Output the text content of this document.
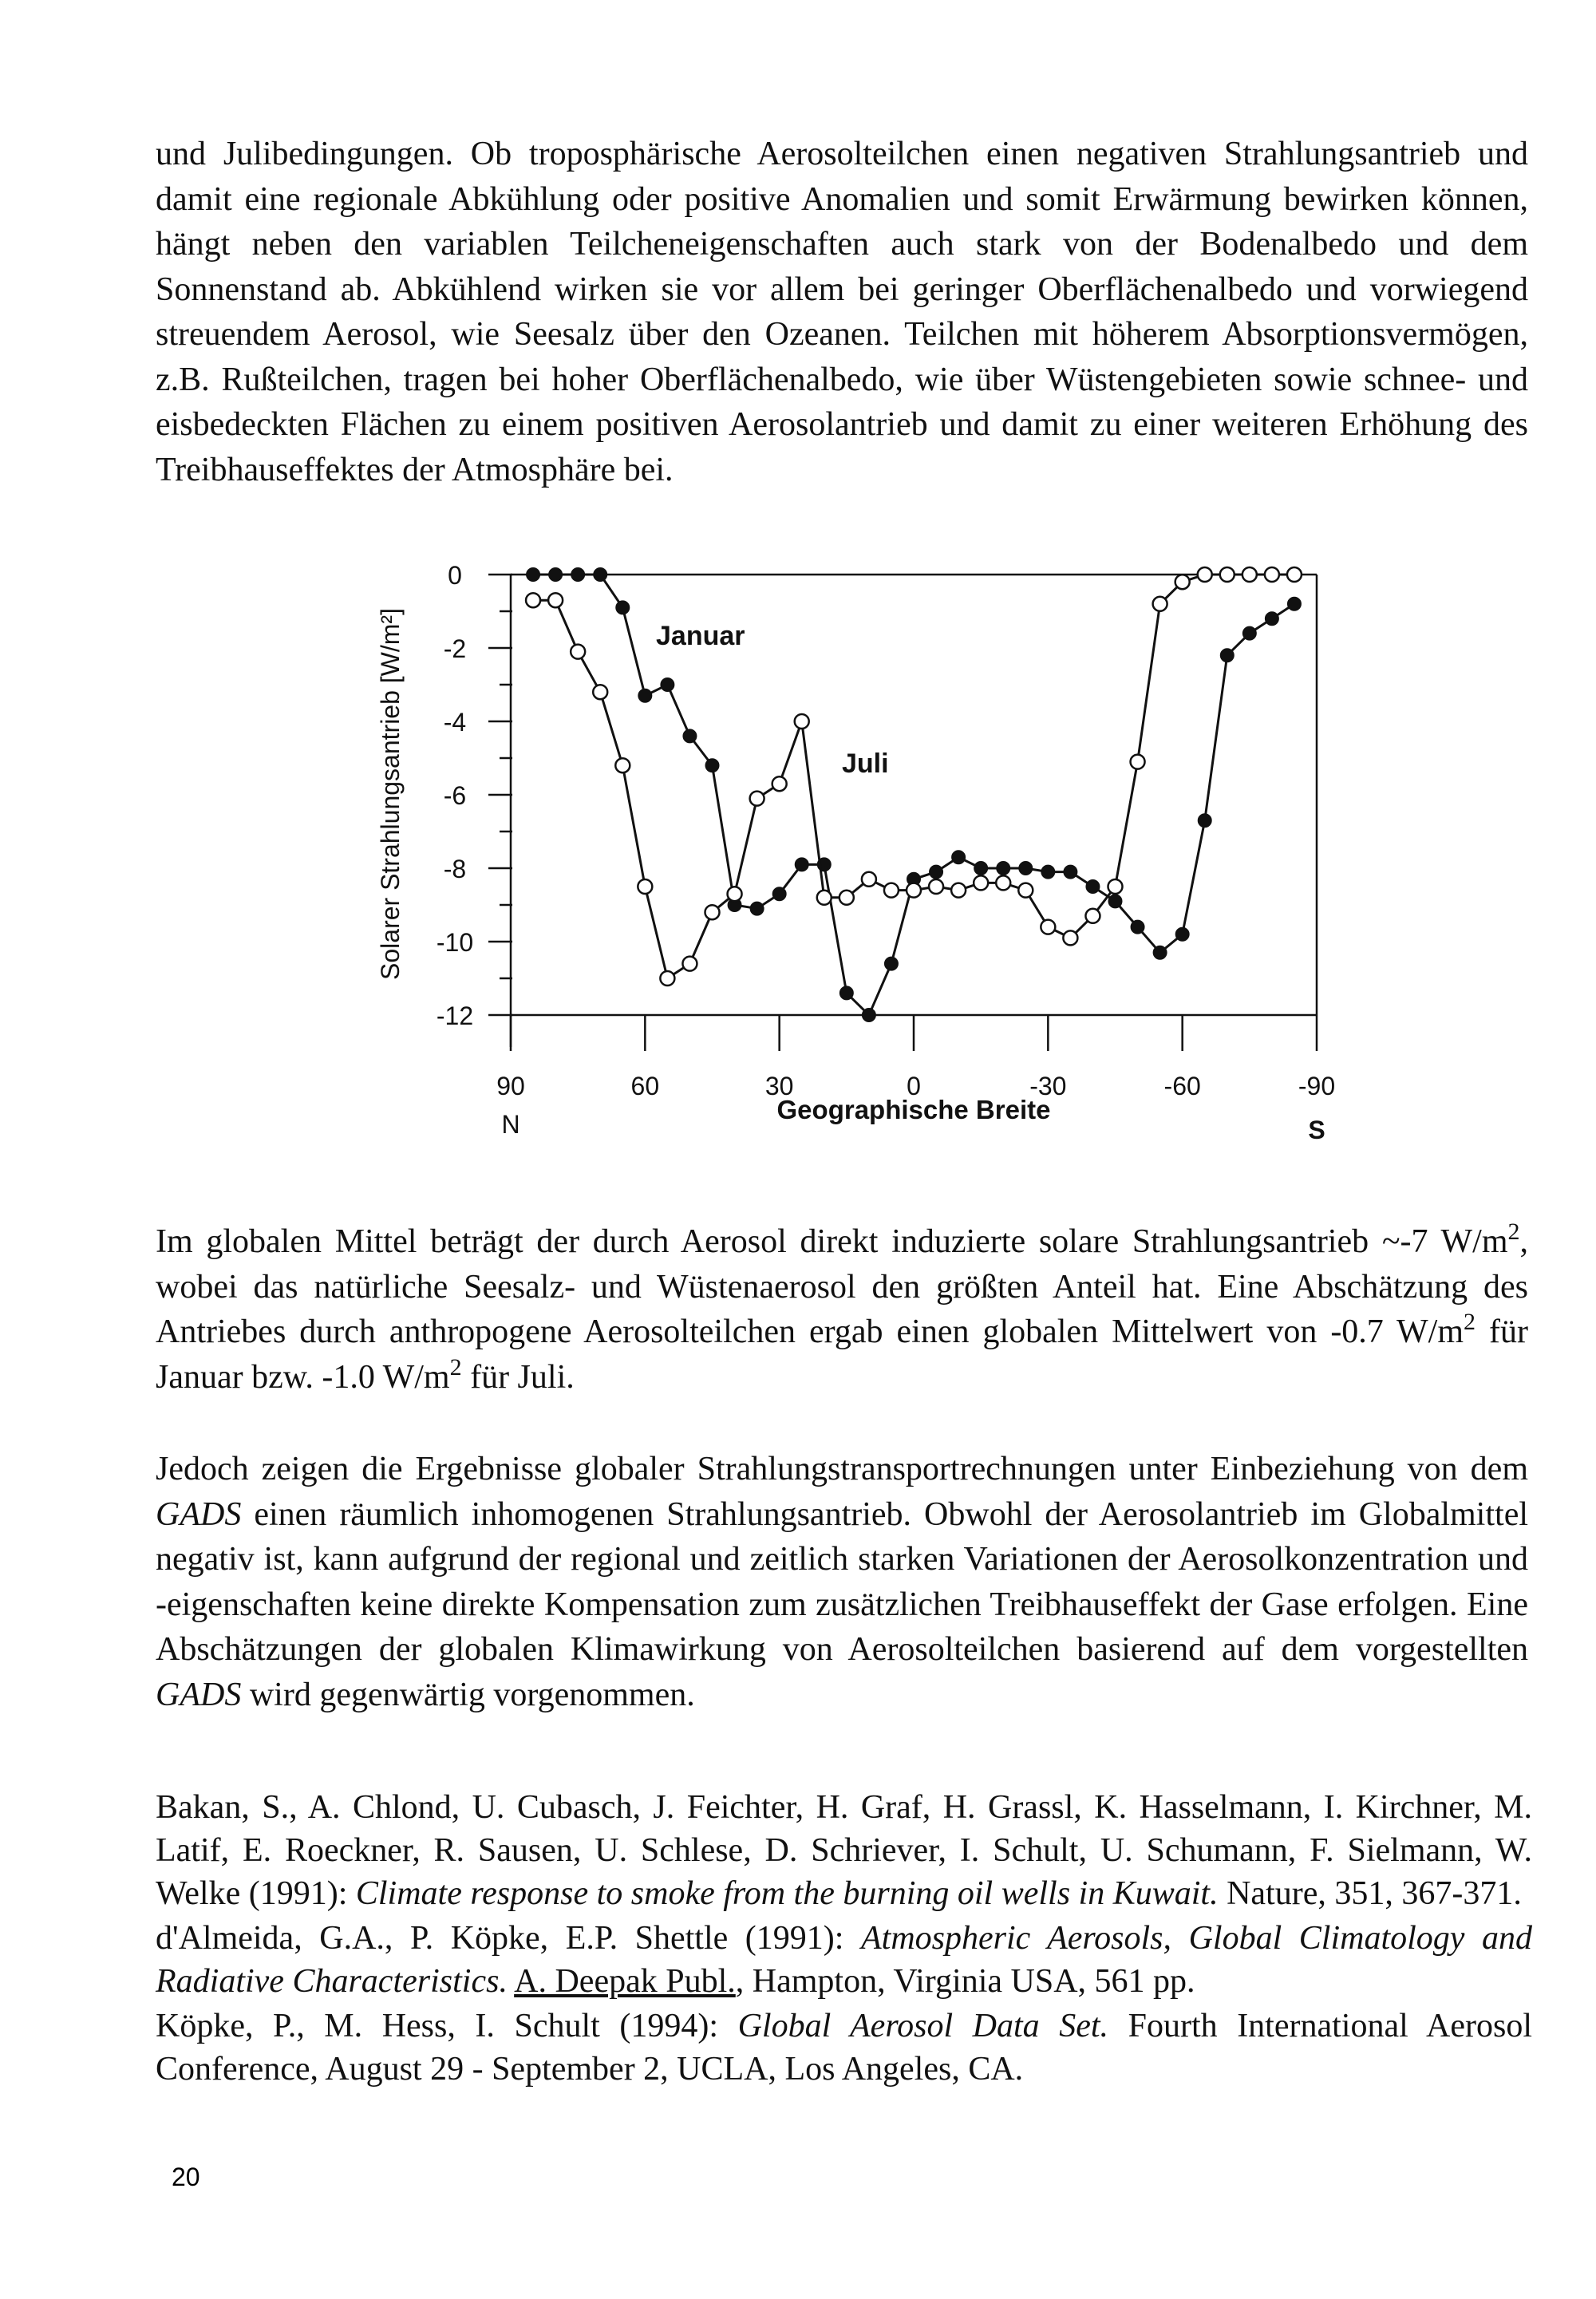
und Julibedingungen. Ob troposphärische Aerosolteilchen einen negativen Strahlungsantrieb und damit eine regionale Abkühlung oder positive Anomalien und somit Erwärmung bewirken können, hängt neben den variablen Teilcheneigenschaften auch stark von der Bodenalbedo und dem Sonnenstand ab. Abkühlend wirken sie vor allem bei geringer Oberflächenalbedo und vorwiegend streuendem Aerosol, wie Seesalz über den Ozeanen. Teilchen mit höherem Absorptionsvermögen, z.B. Rußteilchen, tragen bei hoher Oberflächenalbedo, wie über Wüstengebieten sowie schnee- und eisbedeckten Flächen zu einem positiven Aerosolantrieb und damit zu einer weiteren Erhöhung des Treibhauseffektes der Atmosphäre bei.

0
-2
-4
-6
-8
-10
-12
90	60	30	0	-30	-60	-90
N	S
Geographische Breite
Solarer Strahlungsantrieb [W/m²]	Januar
Juli

Im globalen Mittel beträgt der durch Aerosol direkt induzierte solare Strahlungsantrieb ~-7 $W/m^2$, wobei das natürliche Seesalz- und Wüstenaerosol den größten Anteil hat. Eine Abschätzung des Antriebes durch anthropogene Aerosolteilchen ergab einen globalen Mittelwert von -0.7 $W/m^2$ für Januar bzw. -1.0 $W/m^2$ für Juli.

Jedoch zeigen die Ergebnisse globaler Strahlungstransportrechnungen unter Einbeziehung von dem GADS einen räumlich inhomogenen Strahlungsantrieb. Obwohl der Aerosolantrieb im Globalmittel negativ ist, kann aufgrund der regional und zeitlich starken Variationen der Aerosolkonzentration und -eigenschaften keine direkte Kompensation zum zusätzlichen Treibhauseffekt der Gase erfolgen. Eine Abschätzungen der globalen Klimawirkung von Aerosolteilchen basierend auf dem vorgestellten GADS wird gegenwärtig vorgenommen.

Bakan, S., A. Chlond, U. Cubasch, J. Feichter, H. Graf, H. Grassl, K. Hasselmann, I. Kirchner, M. Latif, E. Roeckner, R. Sausen, U. Schlese, D. Schriever, I. Schult, U. Schumann, F. Sielmann, W. Welke (1991): Climate response to smoke from the burning oil wells in Kuwait. Nature, 351, 367-371.

d'Almeida, G.A., P. Köpke, E.P. Shettle (1991): Atmospheric Aerosols, Global Climatology and Radiative Characteristics. A. Deepak Publ., Hampton, Virginia USA, 561 pp.

Köpke, P., M. Hess, I. Schult (1994): Global Aerosol Data Set. Fourth International Aerosol Conference, August 29 - September 2, UCLA, Los Angeles, CA.

20
